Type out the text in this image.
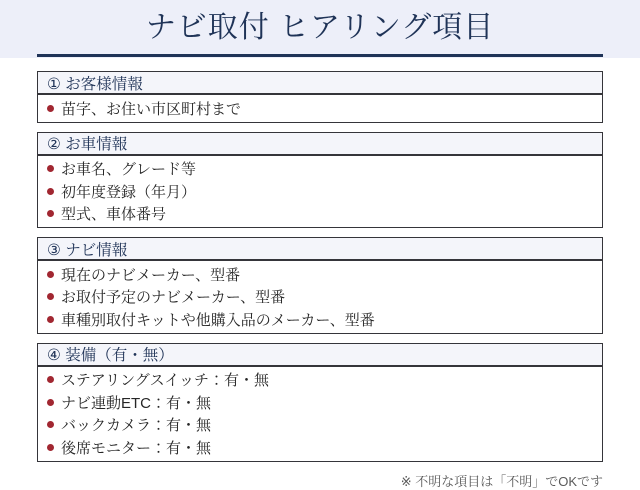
ナビ取付 ヒアリング項目
① お客様情報
苗字、お住い市区町村まで
② お車情報
お車名、グレード等
初年度登録（年月）
型式、車体番号
③ ナビ情報
現在のナビメーカー、型番
お取付予定のナビメーカー、型番
車種別取付キットや他購入品のメーカー、型番
④ 装備（有・無）
ステアリングスイッチ：有・無
ナビ連動ETC：有・無
バックカメラ：有・無
後席モニター：有・無
※ 不明な項目は「不明」でOKです
